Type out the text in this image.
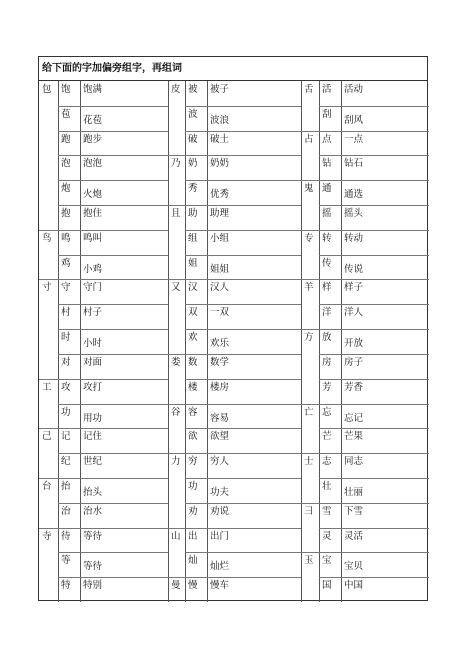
给下面的字加偏旁组字，再组词
包 饱 饱满
苞
花苞
跑 跑步
泡 泡泡
炮
火炮
抱 抱住
鸟 鸣 鸣叫
鸡
小鸡
寸 守 守门
村 村子
时
小时
对 对面
工 攻 攻打
功
用功
己 记 记住
纪 世纪
台 抬
抬头
治 治水
寺 待 等待
等
等待
特 特别
皮 被 被子
波
波浪
破 破土
乃 奶 奶奶
秀
优秀
且 助 助理
组 小组
姐
姐姐
又 汉 汉人
双 一双
欢
欢乐
娄 数 数学
楼 楼房
谷 容
容易
欲 欲望
力 穷 穷人
功
功夫
劝 劝说
山 出 出门
灿
灿烂
曼 慢 慢车
舌 活 活动
刮
刮风
占 点 一点
钻 钻石
鬼 通
通选
摇 摇头
专 转 转动
传
传说
羊 样 样子
洋 洋人
方 放
开放
房 房子
芳 芳香
亡 忘
忘记
芒 芒果
士 志 同志
壮
壮丽
彐 雪 下雪
灵 灵活
玉 宝
宝贝
国 中国
